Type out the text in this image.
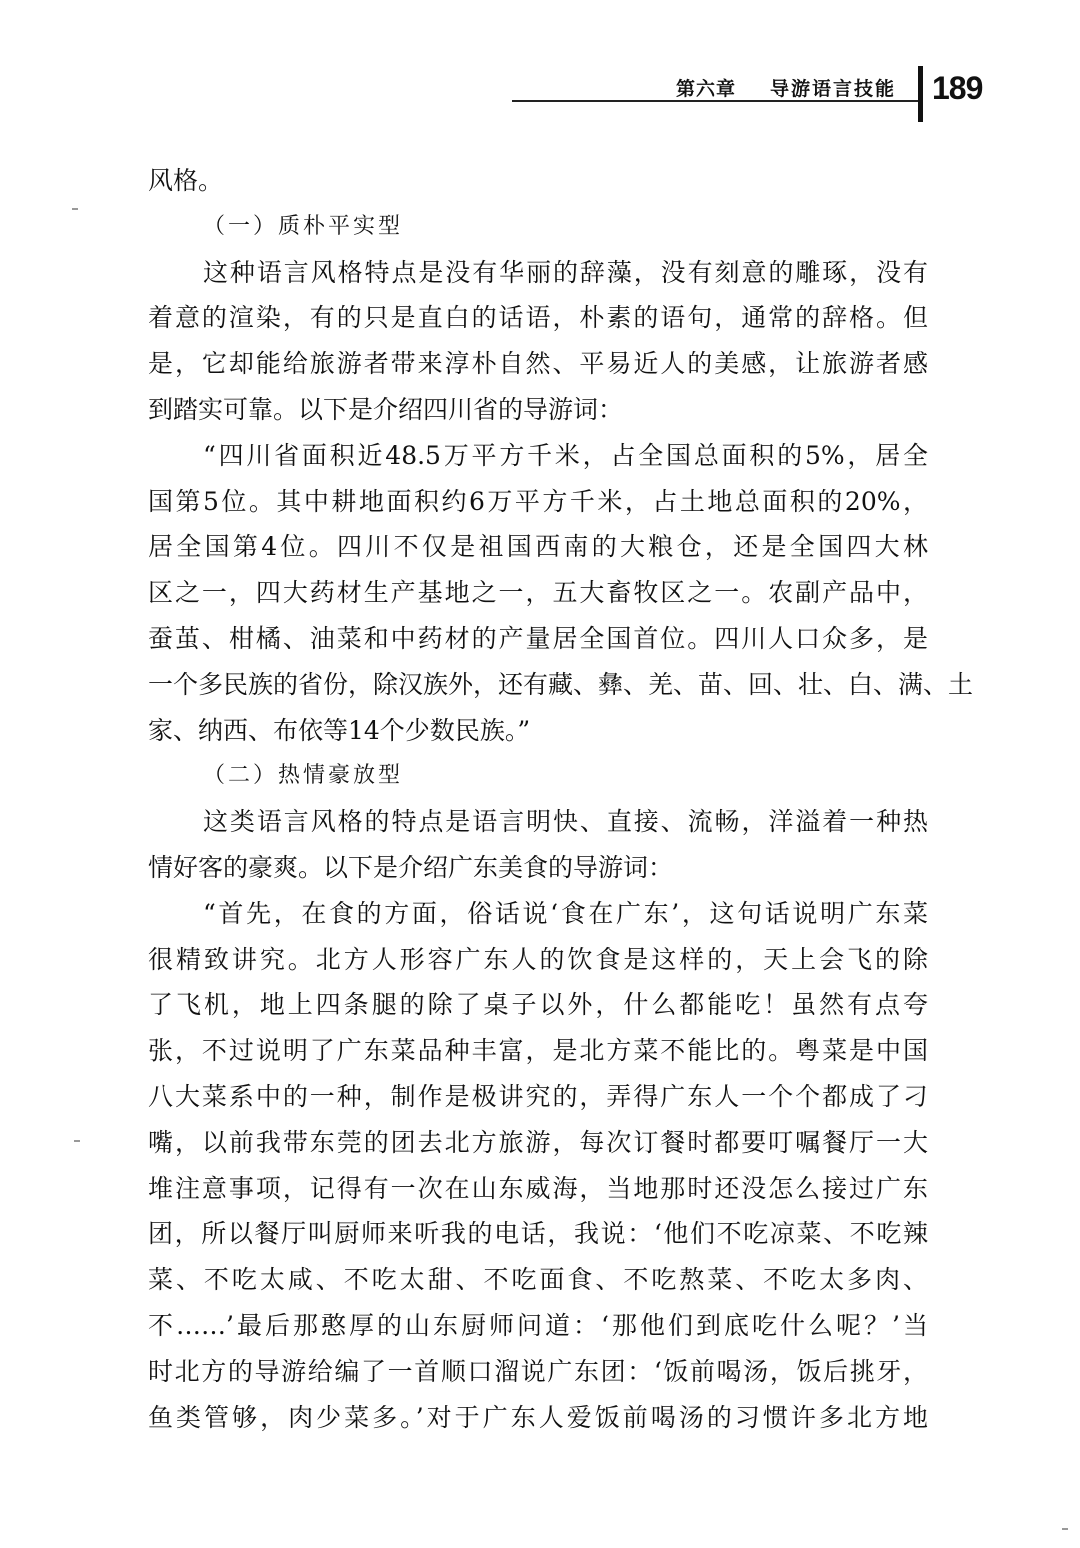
第六章 导游语言技能 189
风格。
（一）质朴平实型
这种语言风格特点是没有华丽的辞藻，没有刻意的雕琢，没有
着意的渲染，有的只是直白的话语，朴素的语句，通常的辞格。但
是，它却能给旅游者带来淳朴自然、平易近人的美感，让旅游者感
到踏实可靠。以下是介绍四川省的导游词：
“四川省面积近48.5万平方千米，占全国总面积的5%，居全
国第5位。其中耕地面积约6万平方千米，占土地总面积的20%，
居全国第4位。四川不仅是祖国西南的大粮仓，还是全国四大林
区之一，四大药材生产基地之一，五大畜牧区之一。农副产品中，
蚕茧、柑橘、油菜和中药材的产量居全国首位。四川人口众多，是
一个多民族的省份，除汉族外，还有藏、彝、羌、苗、回、壮、白、满、土
家、纳西、布依等14个少数民族。”
（二）热情豪放型
这类语言风格的特点是语言明快、直接、流畅，洋溢着一种热
情好客的豪爽。以下是介绍广东美食的导游词：
“首先，在食的方面，俗话说‘食在广东’，这句话说明广东菜
很精致讲究。北方人形容广东人的饮食是这样的，天上会飞的除
了飞机，地上四条腿的除了桌子以外，什么都能吃！虽然有点夸
张，不过说明了广东菜品种丰富，是北方菜不能比的。粤菜是中国
八大菜系中的一种，制作是极讲究的，弄得广东人一个个都成了刁
嘴，以前我带东莞的团去北方旅游，每次订餐时都要叮嘱餐厅一大
堆注意事项，记得有一次在山东威海，当地那时还没怎么接过广东
团，所以餐厅叫厨师来听我的电话，我说：‘他们不吃凉菜、不吃辣
菜、不吃太咸、不吃太甜、不吃面食、不吃熬菜、不吃太多肉、
不……’最后那憨厚的山东厨师问道：‘那他们到底吃什么呢？’当
时北方的导游给编了一首顺口溜说广东团：‘饭前喝汤，饭后挑牙，
鱼类管够，肉少菜多。’对于广东人爱饭前喝汤的习惯许多北方地
